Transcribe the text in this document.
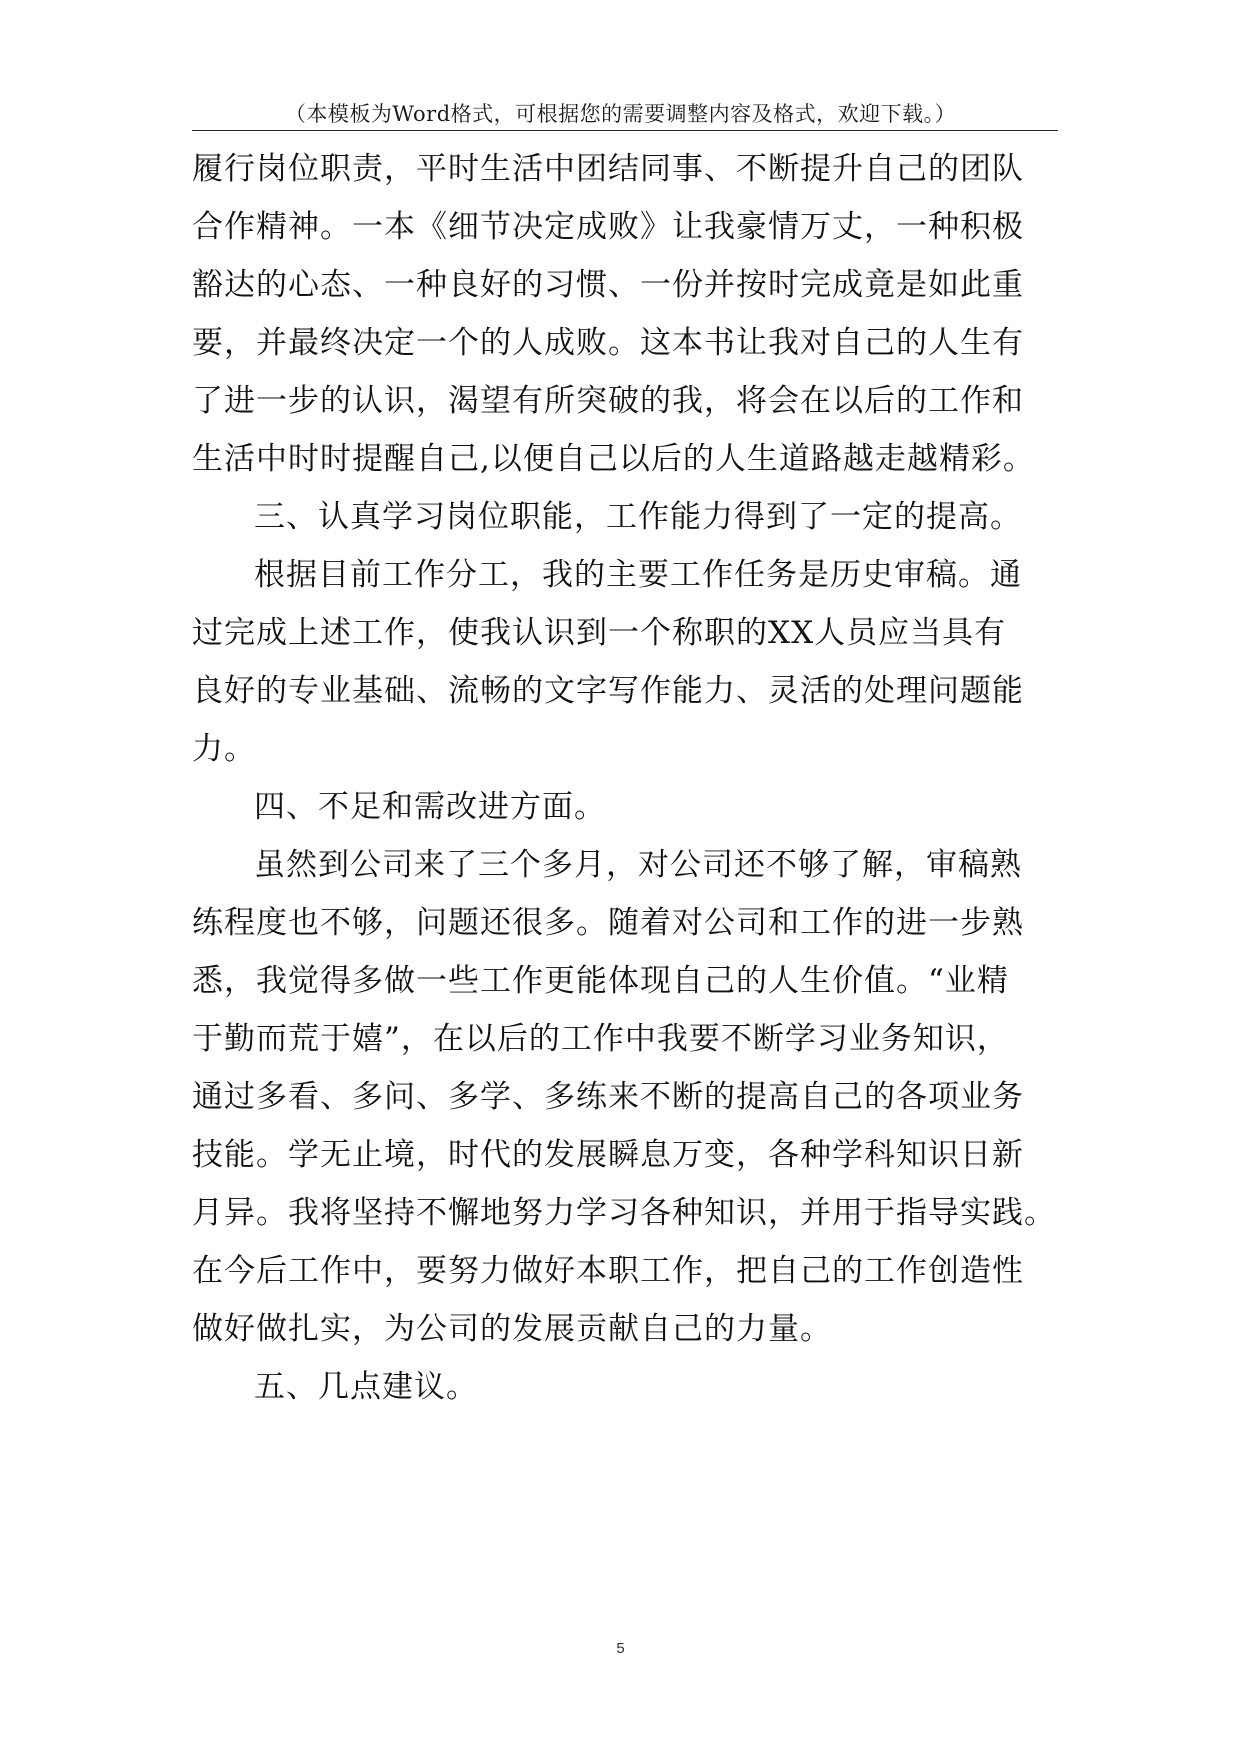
（本模板为Word格式，可根据您的需要调整内容及格式，欢迎下载。）
履行岗位职责，平时生活中团结同事、不断提升自己的团队
合作精神。一本《细节决定成败》让我豪情万丈，一种积极
豁达的心态、一种良好的习惯、一份并按时完成竟是如此重
要，并最终决定一个的人成败。这本书让我对自己的人生有
了进一步的认识，渴望有所突破的我，将会在以后的工作和
生活中时时提醒自己,以便自己以后的人生道路越走越精彩。
三、认真学习岗位职能，工作能力得到了一定的提高。
根据目前工作分工，我的主要工作任务是历史审稿。通
过完成上述工作，使我认识到一个称职的XX人员应当具有
良好的专业基础、流畅的文字写作能力、灵活的处理问题能
力。
四、不足和需改进方面。
虽然到公司来了三个多月，对公司还不够了解，审稿熟
练程度也不够，问题还很多。随着对公司和工作的进一步熟
悉，我觉得多做一些工作更能体现自己的人生价值。“业精
于勤而荒于嬉”，在以后的工作中我要不断学习业务知识，
通过多看、多问、多学、多练来不断的提高自己的各项业务
技能。学无止境，时代的发展瞬息万变，各种学科知识日新
月异。我将坚持不懈地努力学习各种知识，并用于指导实践。
在今后工作中，要努力做好本职工作，把自己的工作创造性
做好做扎实，为公司的发展贡献自己的力量。
五、几点建议。
5
